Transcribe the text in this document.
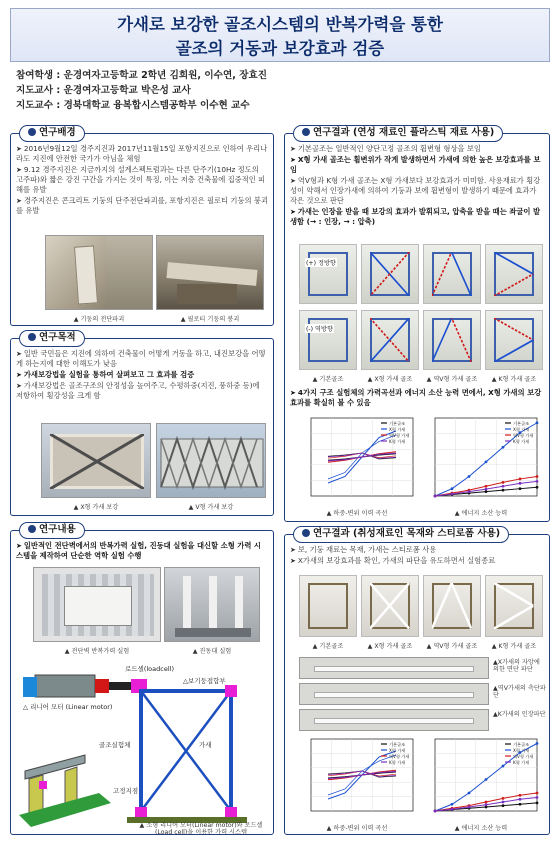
가새로 보강한 골조시스템의 반복가력을 통한
골조의 거동과 보강효과 검증
참여학생 : 운경여자고등학교 2학년 김희원, 이수연, 장효진
지도교사 : 운경여자고등학교 박은성 교사
지도교수 : 경북대학교 융복합시스템공학부 이수현 교수
연구배경
➤ 2016년9월12일 경주지진과 2017년11월15일 포항지진으로 인하여 우리나라도 지진에 안전한 국가가 아님을 체험
➤ 9.12 경주지진은 지금까지의 설계스펙트럼과는 다른 단주기(10Hz 정도의 고주파)와 짧은 강진 구간을 가지는 것이 특징, 이는 저층 건축물에 집중적인 피해를 유발
➤ 경주지진은 콘크리트 기둥의 단주전단파괴를, 포항지진은 필로티 기둥의 붕괴를 유발
▲ 기둥의 전단파괴	▲ 필로티 기둥의 붕괴
연구목적
➤ 일반 국민들은 지진에 의하여 건축물이 어떻게 거동을 하고, 내진보강을 어떻게 하는지에 대한 이해도가 낮음
➤ 가새보강법을 실험을 통하여 살펴보고 그 효과를 검증
➤ 가새보강법은 골조구조의 안정성을 높여주고, 수평하중(지진, 풍하중 등)에 저항하여 횡강성을 크게 함
▲ X형 가새 보강	▲ V형 가새 보강
연구내용
➤ 일반적인 전단벽에서의 반복가력 실험, 진동대 실험을 대신할 소형 가력 시스템을 제작하여 단순한 역학 실험 수행
▲ 전단벽 반복가력 실험	▲ 진동대 실험
로드셀(loadcell)
△ 리니어 모터 (Linear motor)
△보기둥접합부
골조실험체	가새
고정지점
▲ 소형 리니어 모터(Linear motor)와 로드셀(Load cell)을 이용한 가력 시스템
연구결과 (연성 재료인 플라스틱 재료 사용)
➤ 기본골조는 일반적인 양단고정 골조의 휨변형 형상을 보임
➤ X형 가새 골조는 휨변위가 작게 발생하면서 가새에 의한 높은 보강효과를 보임
➤ 역V형과 K형 가새 골조는 X형 가새보다 보강효과가 미미함. 사용재료가 횡강성이 약해서 인장가새에 의하여 기둥과 보에 휨변형이 발생하기 때문에 효과가 작은 것으로 판단
➤ 가새는 인장을 받을 때 보강의 효과가 발휘되고, 압축을 받을 때는 좌굴이 발생함 (→ : 인장, → : 압축)
(+) 정방향
(-) 역방향
▲ 기본골조	▲ X형 가새 골조	▲ 역V형 가새 골조	▲ K형 가새 골조
➤ 4가지 구조 실험체의 가력곡선과 에너지 소산 능력 면에서, X형 가새의 보강 효과를 확실히 볼 수 있음
기본골조
X형 가새
역V형 가새
K형 가새
기본골조
X형 가새
역V형 가새
K형 가새
▲ 하중-변위 이력 곡선	▲ 에너지 소산 능력
연구결과 (취성재료인 목재와 스티로폼 사용)
➤ 보, 기둥 재료는 목재, 가새는 스티로폼 사용
➤ X가새의 보강효과를 확인, 가새의 파단을 유도하면서 실험종료
▲ 기본골조	▲ X형 가새 골조	▲ 역V형 가새 골조	▲ K형 가새 골조
▲X가새의 자앙에 의한 면단 파단
▲역V가새의 측단파단
▲K가새의 인장파단
기본골조
X형 가새
역V형 가새
K형 가새
기본골조
X형 가새
역V형 가새
K형 가새
▲ 하중-변위 이력 곡선	▲ 에너지 소산 능력
